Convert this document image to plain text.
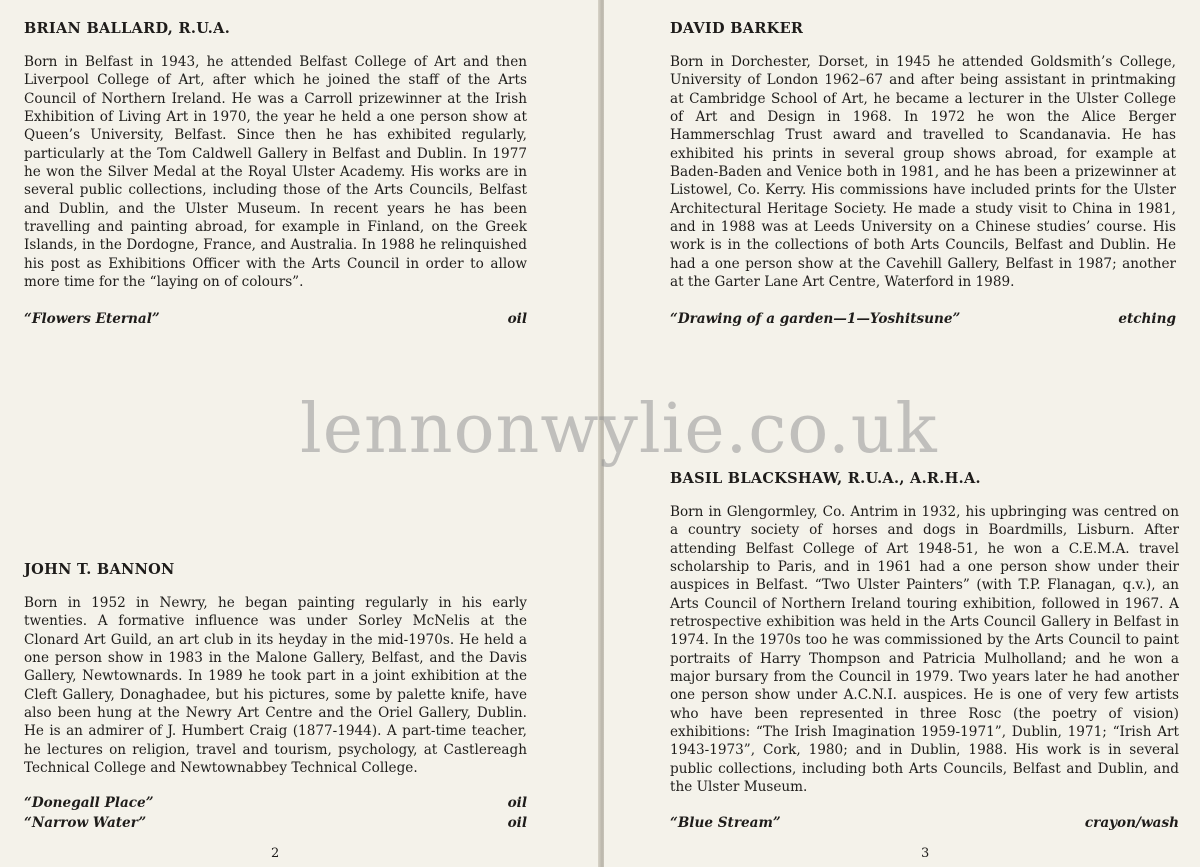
BRIAN BALLARD, R.U.A.

Born in Belfast in 1943, he attended Belfast College of Art and then Liverpool College of Art, after which he joined the staff of the Arts Council of Northern Ireland. He was a Carroll prizewinner at the Irish Exhibition of Living Art in 1970, the year he held a one person show at Queen’s University, Belfast. Since then he has exhibited regularly, particularly at the Tom Caldwell Gallery in Belfast and Dublin. In 1977 he won the Silver Medal at the Royal Ulster Academy. His works are in several public collections, including those of the Arts Councils, Belfast and Dublin, and the Ulster Museum. In recent years he has been travelling and painting abroad, for example in Finland, on the Greek Islands, in the Dordogne, France, and Australia. In 1988 he relinquished his post as Exhibitions Officer with the Arts Council in order to allow more time for the “laying on of colours”.

“Flowers Eternal”	oil
JOHN T. BANNON

Born in 1952 in Newry, he began painting regularly in his early twenties. A formative influence was under Sorley McNelis at the Clonard Art Guild, an art club in its heyday in the mid-1970s. He held a one person show in 1983 in the Malone Gallery, Belfast, and the Davis Gallery, Newtownards. In 1989 he took part in a joint exhibition at the Cleft Gallery, Donaghadee, but his pictures, some by palette knife, have also been hung at the Newry Art Centre and the Oriel Gallery, Dublin. He is an admirer of J. Humbert Craig (1877-1944). A part-time teacher, he lectures on religion, travel and tourism, psychology, at Castlereagh Technical College and Newtownabbey Technical College.

“Donegall Place”	oil
“Narrow Water”	oil
2
DAVID BARKER

Born in Dorchester, Dorset, in 1945 he attended Goldsmith’s College, University of London 1962–67 and after being assistant in printmaking at Cambridge School of Art, he became a lecturer in the Ulster College of Art and Design in 1968. In 1972 he won the Alice Berger Hammerschlag Trust award and travelled to Scandanavia. He has exhibited his prints in several group shows abroad, for example at Baden-Baden and Venice both in 1981, and he has been a prizewinner at Listowel, Co. Kerry. His commissions have included prints for the Ulster Architectural Heritage Society. He made a study visit to China in 1981, and in 1988 was at Leeds University on a Chinese studies’ course. His work is in the collections of both Arts Councils, Belfast and Dublin. He had a one person show at the Cavehill Gallery, Belfast in 1987; another at the Garter Lane Art Centre, Waterford in 1989.

“Drawing of a garden—1—Yoshitsune”	etching
BASIL BLACKSHAW, R.U.A., A.R.H.A.

Born in Glengormley, Co. Antrim in 1932, his upbringing was centred on a country society of horses and dogs in Boardmills, Lisburn. After attending Belfast College of Art 1948-51, he won a C.E.M.A. travel scholarship to Paris, and in 1961 had a one person show under their auspices in Belfast. “Two Ulster Painters” (with T.P. Flanagan, q.v.), an Arts Council of Northern Ireland touring exhibition, followed in 1967. A retrospective exhibition was held in the Arts Council Gallery in Belfast in 1974. In the 1970s too he was commissioned by the Arts Council to paint portraits of Harry Thompson and Patricia Mulholland; and he won a major bursary from the Council in 1979. Two years later he had another one person show under A.C.N.I. auspices. He is one of very few artists who have been represented in three Rosc (the poetry of vision) exhibitions: “The Irish Imagination 1959-1971”, Dublin, 1971; “Irish Art 1943-1973”, Cork, 1980; and in Dublin, 1988. His work is in several public collections, including both Arts Councils, Belfast and Dublin, and the Ulster Museum.

“Blue Stream”	crayon/wash
3
lennonwylie.co.uk
